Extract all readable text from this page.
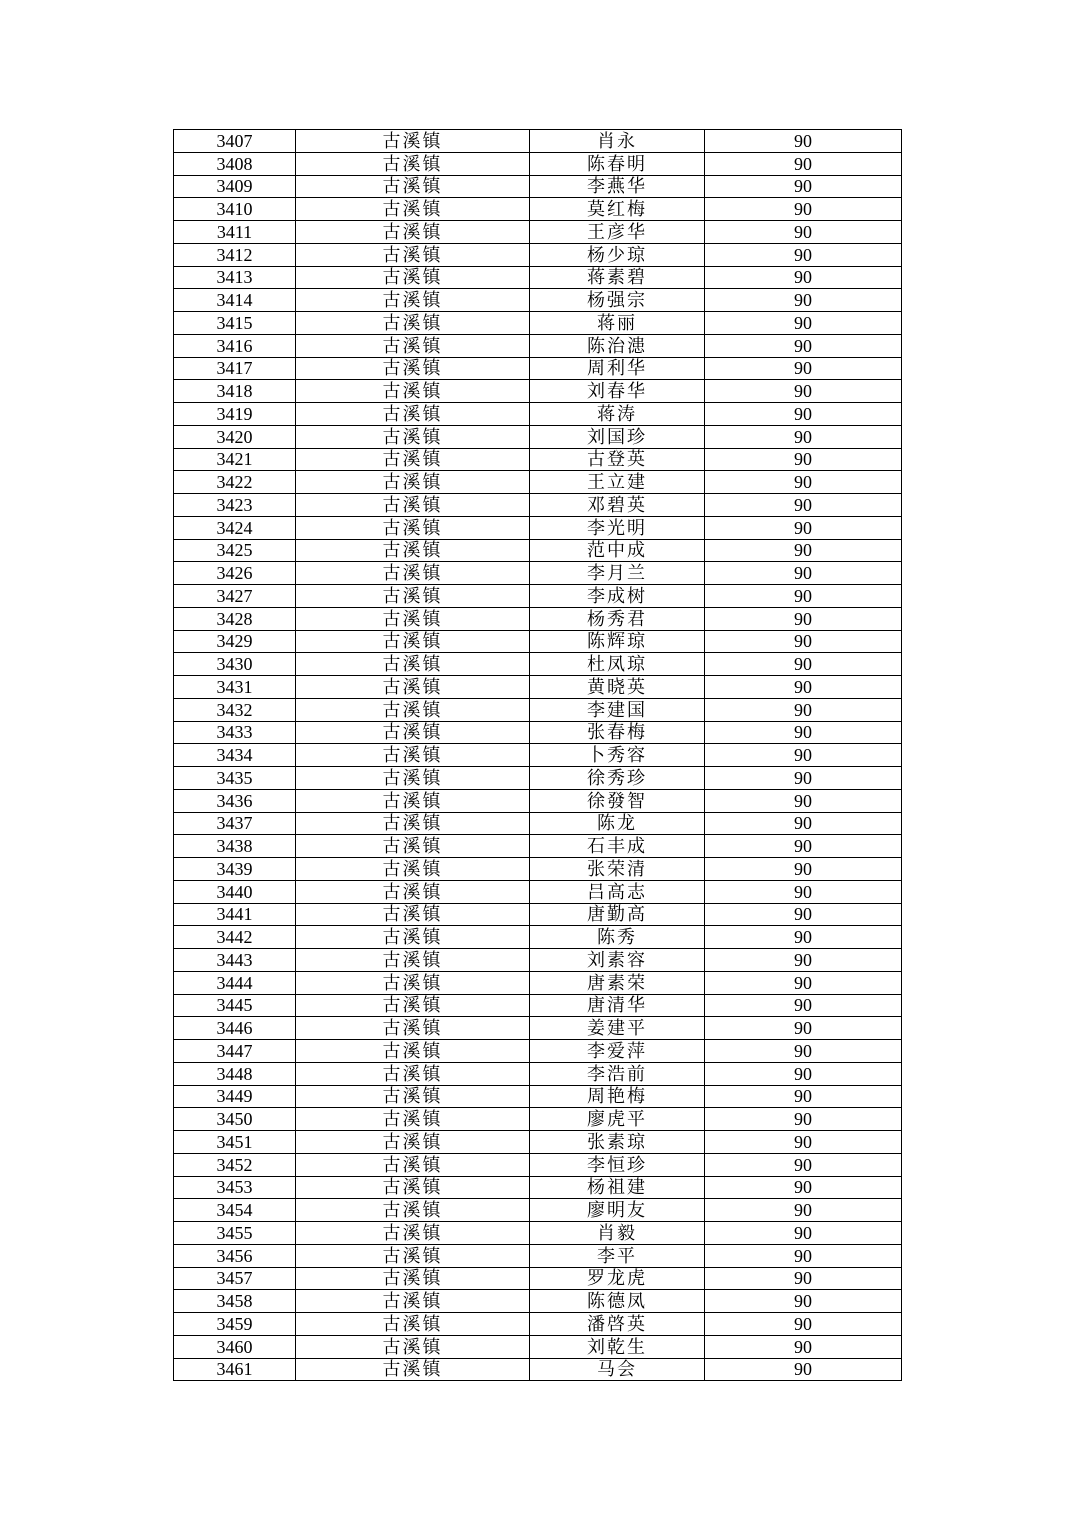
3407	古溪镇	肖永	90
3408	古溪镇	陈春明	90
3409	古溪镇	李燕华	90
3410	古溪镇	莫红梅	90
3411	古溪镇	王彦华	90
3412	古溪镇	杨少琼	90
3413	古溪镇	蒋素碧	90
3414	古溪镇	杨强宗	90
3415	古溪镇	蒋丽	90
3416	古溪镇	陈治漶	90
3417	古溪镇	周利华	90
3418	古溪镇	刘春华	90
3419	古溪镇	蒋涛	90
3420	古溪镇	刘国珍	90
3421	古溪镇	古登英	90
3422	古溪镇	王立建	90
3423	古溪镇	邓碧英	90
3424	古溪镇	李光明	90
3425	古溪镇	范中成	90
3426	古溪镇	李月兰	90
3427	古溪镇	李成树	90
3428	古溪镇	杨秀君	90
3429	古溪镇	陈辉琼	90
3430	古溪镇	杜凤琼	90
3431	古溪镇	黄晓英	90
3432	古溪镇	李建国	90
3433	古溪镇	张春梅	90
3434	古溪镇	卜秀容	90
3435	古溪镇	徐秀珍	90
3436	古溪镇	徐發智	90
3437	古溪镇	陈龙	90
3438	古溪镇	石丰成	90
3439	古溪镇	张荣清	90
3440	古溪镇	吕高志	90
3441	古溪镇	唐勤高	90
3442	古溪镇	陈秀	90
3443	古溪镇	刘素容	90
3444	古溪镇	唐素荣	90
3445	古溪镇	唐清华	90
3446	古溪镇	姜建平	90
3447	古溪镇	李爱萍	90
3448	古溪镇	李浩前	90
3449	古溪镇	周艳梅	90
3450	古溪镇	廖虎平	90
3451	古溪镇	张素琼	90
3452	古溪镇	李恒珍	90
3453	古溪镇	杨祖建	90
3454	古溪镇	廖明友	90
3455	古溪镇	肖毅	90
3456	古溪镇	李平	90
3457	古溪镇	罗龙虎	90
3458	古溪镇	陈德凤	90
3459	古溪镇	潘啓英	90
3460	古溪镇	刘乾生	90
3461	古溪镇	马会	90
